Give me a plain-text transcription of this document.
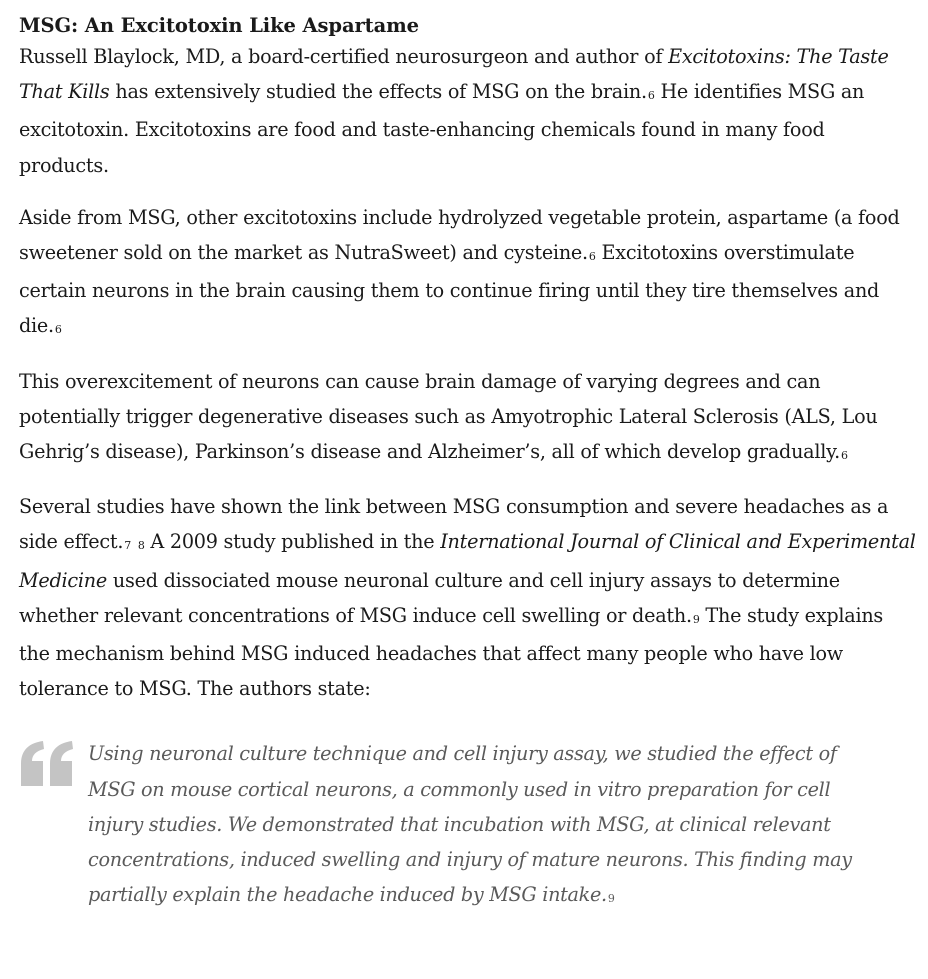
MSG: An Excitotoxin Like Aspartame

Russell Blaylock, MD, a board-certified neurosurgeon and author of Excitotoxins: The Taste That Kills has extensively studied the effects of MSG on the brain.6 He identifies MSG an excitotoxin. Excitotoxins are food and taste-enhancing chemicals found in many food products.

Aside from MSG, other excitotoxins include hydrolyzed vegetable protein, aspartame (a food sweetener sold on the market as NutraSweet) and cysteine.6 Excitotoxins overstimulate certain neurons in the brain causing them to continue firing until they tire themselves and die.6

This overexcitement of neurons can cause brain damage of varying degrees and can potentially trigger degenerative diseases such as Amyotrophic Lateral Sclerosis (ALS, Lou Gehrig’s disease), Parkinson’s disease and Alzheimer’s, all of which develop gradually.6

Several studies have shown the link between MSG consumption and severe headaches as a side effect.7 8 A 2009 study published in the International Journal of Clinical and Experimental Medicine used dissociated mouse neuronal culture and cell injury assays to determine whether relevant concentrations of MSG induce cell swelling or death.9 The study explains the mechanism behind MSG induced headaches that affect many people who have low tolerance to MSG. The authors state:

Using neuronal culture technique and cell injury assay, we studied the effect of MSG on mouse cortical neurons, a commonly used in vitro preparation for cell injury studies. We demonstrated that incubation with MSG, at clinical relevant concentrations, induced swelling and injury of mature neurons. This finding may partially explain the headache induced by MSG intake.9
